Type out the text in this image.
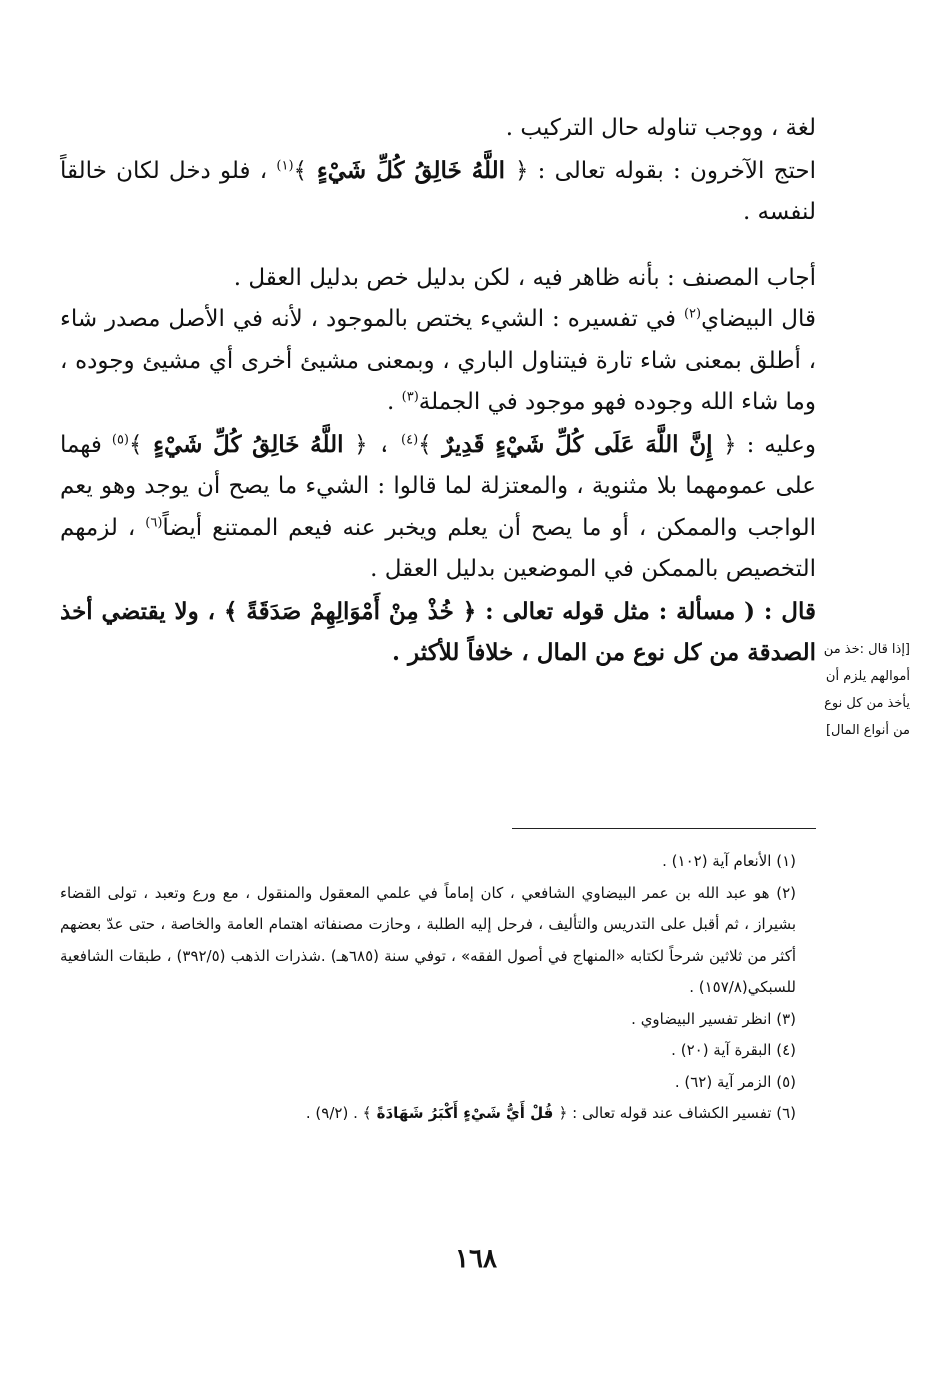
لغة ، ووجب تناوله حال التركيب .

احتج الآخرون : بقوله تعالى : ﴿ اللَّهُ خَالِقُ كُلِّ شَيْءٍ ﴾$^{(١)}$ ، فلو دخل لكان خالقاً لنفسه .

أجاب المصنف : بأنه ظاهر فيه ، لكن بدليل خص بدليل العقل .

قال البيضاي$^{(٢)}$ في تفسيره : الشيء يختص بالموجود ، لأنه في الأصل مصدر شاء ، أطلق بمعنى شاء تارة فيتناول الباري ، وبمعنى مشيئ أخرى أي مشيئ وجوده ، وما شاء الله وجوده فهو موجود في الجملة$^{(٣)}$ .

وعليه : ﴿ إِنَّ اللَّهَ عَلَى كُلِّ شَيْءٍ قَدِيرٌ ﴾$^{(٤)}$ ، ﴿ اللَّهُ خَالِقُ كُلِّ شَيْءٍ ﴾$^{(٥)}$ فهما على عمومهما بلا مثنوية ، والمعتزلة لما قالوا : الشيء ما يصح أن يوجد وهو يعم الواجب والممكن ، أو ما يصح أن يعلم ويخبر عنه فيعم الممتنع أيضاً$^{(٦)}$ ، لزمهم التخصيص بالممكن في الموضعين بدليل العقل .

قال : ( مسألة : مثل قوله تعالى : ﴿ خُذْ مِنْ أَمْوَالِهِمْ صَدَقَةً ﴾ ، ولا يقتضي أخذ الصدقة من كل نوع من المال ، خلافاً للأكثر . [إذا قال :خذ من أموالهم يلزم أن يأخذ من كل نوع من أنواع المال]

(١) الأنعام آية (١٠٢) .

(٢) هو عبد الله بن عمر البيضاوي الشافعي ، كان إماماً في علمي المعقول والمنقول ، مع ورع وتعبد ، تولى القضاء بشيراز ، ثم أقبل على التدريس والتأليف ، فرحل إليه الطلبة ، وحازت مصنفاته اهتمام العامة والخاصة ، حتى عدّ بعضهم أكثر من ثلاثين شرحاً لكتابه «المنهاج في أصول الفقه» ، توفي سنة (٦٨٥هـ) .شذرات الذهب (٣٩٢/٥) ، طبقات الشافعية للسبكي(١٥٧/٨) .

(٣) انظر تفسير البيضاوي .

(٤) البقرة آية (٢٠) .

(٥) الزمر آية (٦٢) .

(٦) تفسير الكشاف عند قوله تعالى : ﴿ قُلْ أَيُّ شَيْءٍ أَكْبَرُ شَهَادَةً ﴾ . (٩/٢) .

١٦٨
